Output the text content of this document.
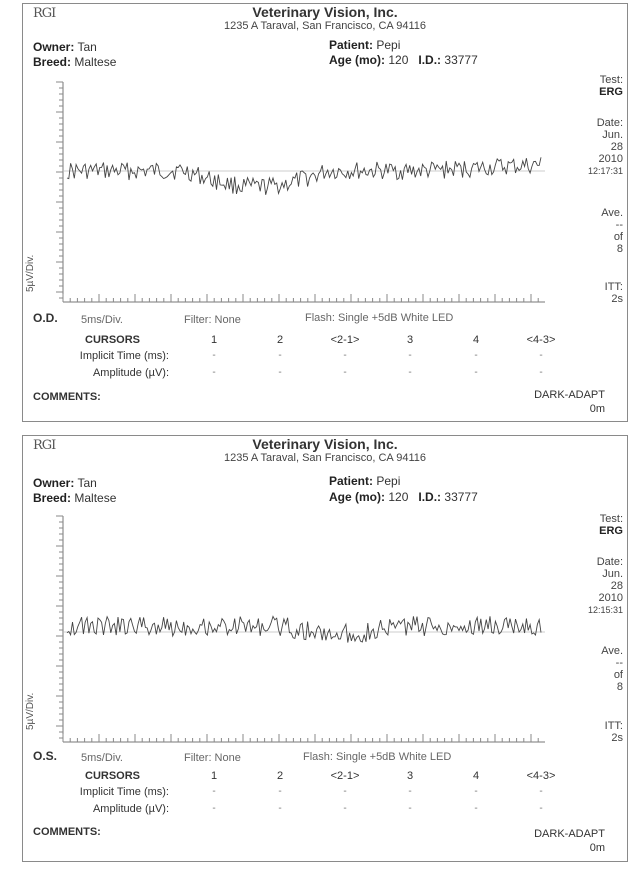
RGI	Veterinary Vision, Inc.
1235 A Taraval, San Francisco, CA 94116
Owner: Tan
Breed: Maltese
Patient: Pepi
Age (mo): 120 I.D.: 33777
Test:
ERG
Date:
Jun.
28
2010
12:17:31
Ave.
--
of
8
ITT:
2s
5µV/Div.
O.D. 5ms/Div.	Filter: None	Flash: Single +5dB White LED
CURSORS	1	2	<2-1>	3	4	<4-3>
Implicit Time (ms):	-	-	-	-	-	-
Amplitude (µV):	-	-	-	-	-	-
COMMENTS:	DARK-ADAPT
0m
RGI	Veterinary Vision, Inc.
1235 A Taraval, San Francisco, CA 94116
Owner: Tan
Breed: Maltese
Patient: Pepi
Age (mo): 120 I.D.: 33777
Test:
ERG
Date:
Jun.
28
2010
12:15:31
Ave.
--
of
8
ITT:
2s
5µV/Div.
O.S. 5ms/Div.	Filter: None	Flash: Single +5dB White LED
CURSORS	1	2	<2-1>	3	4	<4-3>
Implicit Time (ms):	-	-	-	-	-	-
Amplitude (µV):	-	-	-	-	-	-
COMMENTS:	DARK-ADAPT
0m
